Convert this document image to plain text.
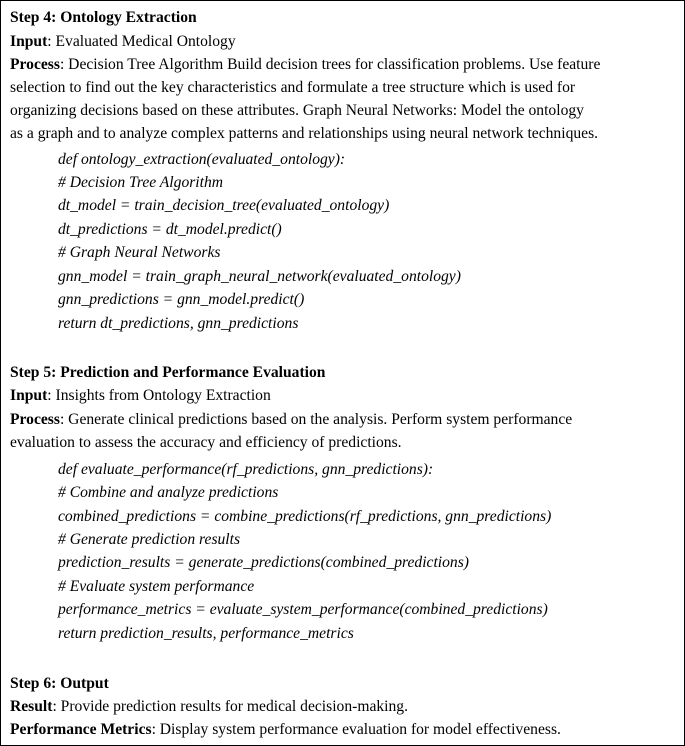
Step 4: Ontology Extraction
Input: Evaluated Medical Ontology
Process: Decision Tree Algorithm Build decision trees for classification problems. Use feature
selection to find out the key characteristics and formulate a tree structure which is used for
organizing decisions based on these attributes. Graph Neural Networks: Model the ontology
as a graph and to analyze complex patterns and relationships using neural network techniques.
def ontology_extraction(evaluated_ontology):
# Decision Tree Algorithm
dt_model = train_decision_tree(evaluated_ontology)
dt_predictions = dt_model.predict()
# Graph Neural Networks
gnn_model = train_graph_neural_network(evaluated_ontology)
gnn_predictions = gnn_model.predict()
return dt_predictions, gnn_predictions
Step 5: Prediction and Performance Evaluation
Input: Insights from Ontology Extraction
Process: Generate clinical predictions based on the analysis. Perform system performance
evaluation to assess the accuracy and efficiency of predictions.
def evaluate_performance(rf_predictions, gnn_predictions):
# Combine and analyze predictions
combined_predictions = combine_predictions(rf_predictions, gnn_predictions)
# Generate prediction results
prediction_results = generate_predictions(combined_predictions)
# Evaluate system performance
performance_metrics = evaluate_system_performance(combined_predictions)
return prediction_results, performance_metrics
Step 6: Output
Result: Provide prediction results for medical decision-making.
Performance Metrics: Display system performance evaluation for model effectiveness.
